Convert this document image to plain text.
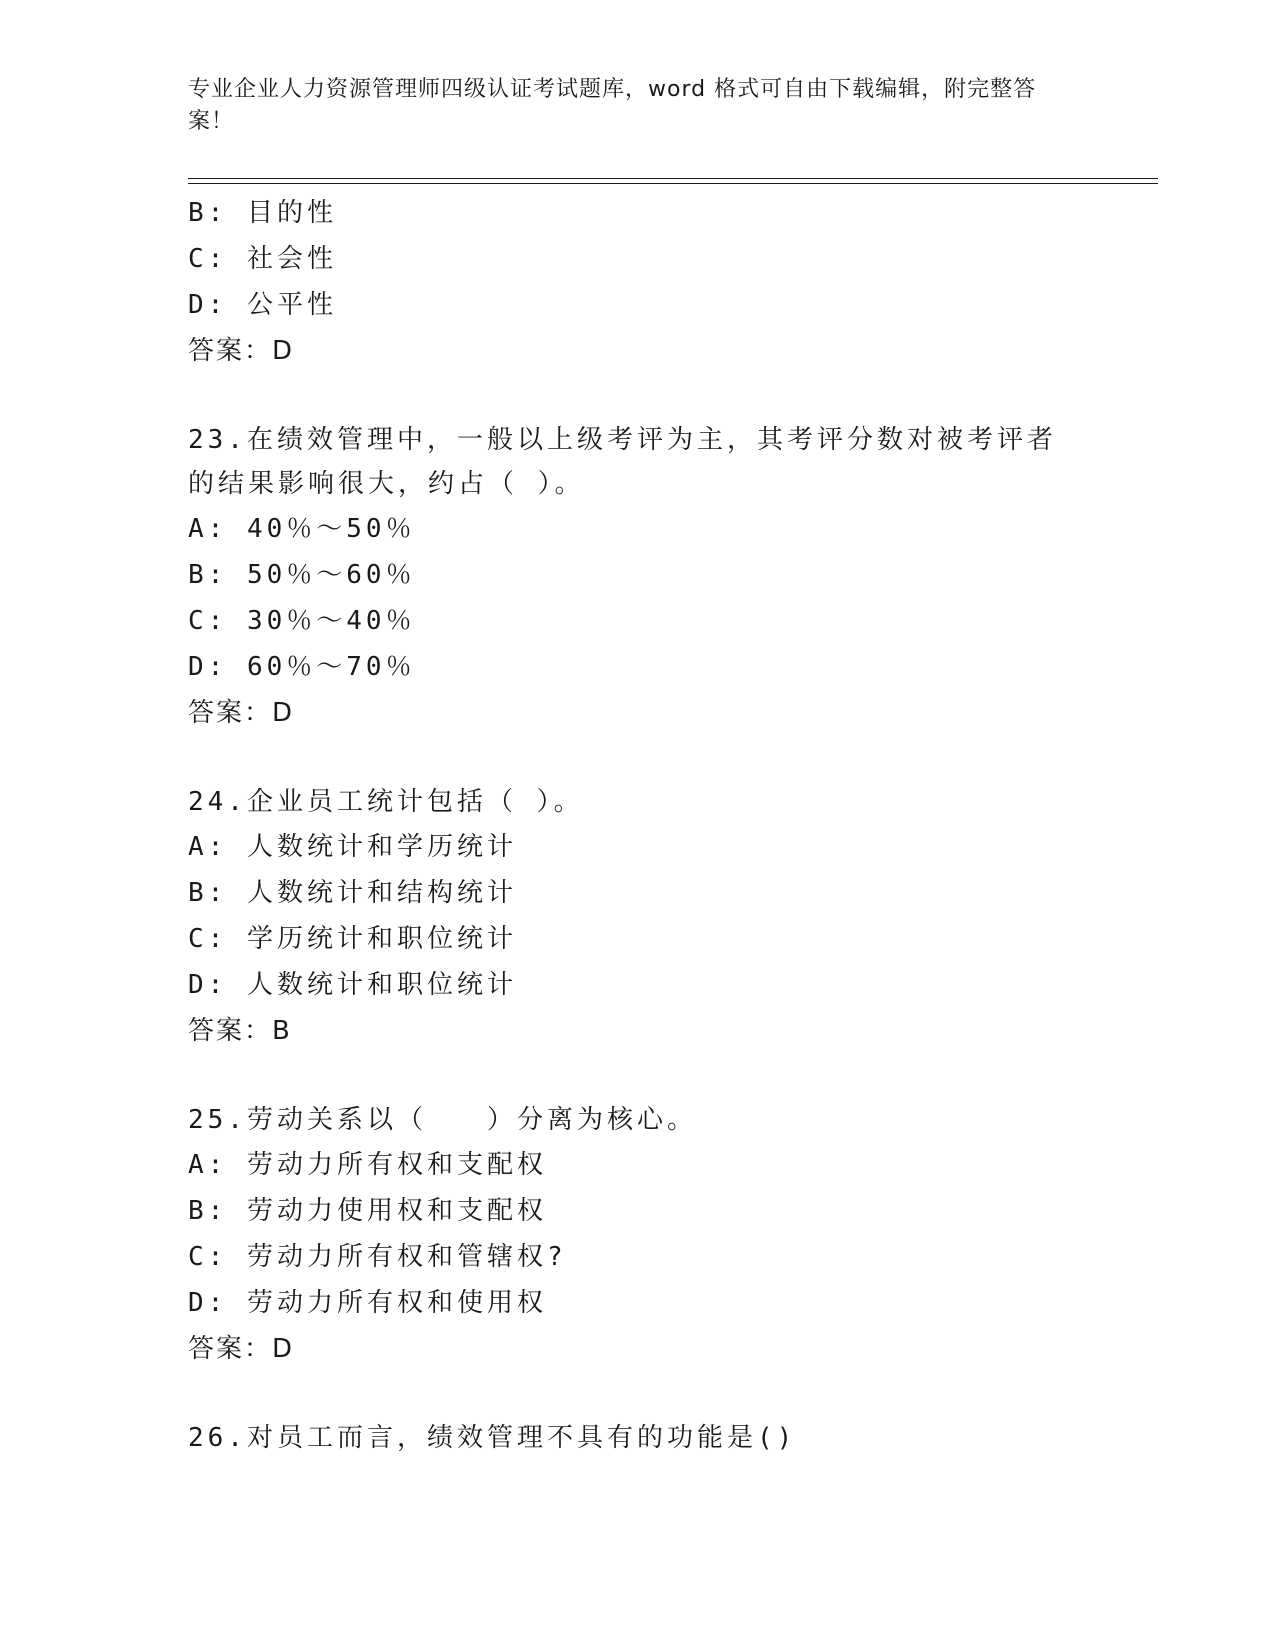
专业企业人力资源管理师四级认证考试题库，word 格式可自由下载编辑，附完整答案！
B: 目的性
C: 社会性
D: 公平性
答案：D
23.在绩效管理中，一般以上级考评为主，其考评分数对被考评者的结果影响很大，约占（ ）。
A: 40％～50％
B: 50％～60％
C: 30％～40％
D: 60％～70％
答案：D
24.企业员工统计包括（ ）。
A: 人数统计和学历统计
B: 人数统计和结构统计
C: 学历统计和职位统计
D: 人数统计和职位统计
答案：B
25.劳动关系以（　　）分离为核心。
A: 劳动力所有权和支配权
B: 劳动力使用权和支配权
C: 劳动力所有权和管辖权?
D: 劳动力所有权和使用权
答案：D
26.对员工而言，绩效管理不具有的功能是()
